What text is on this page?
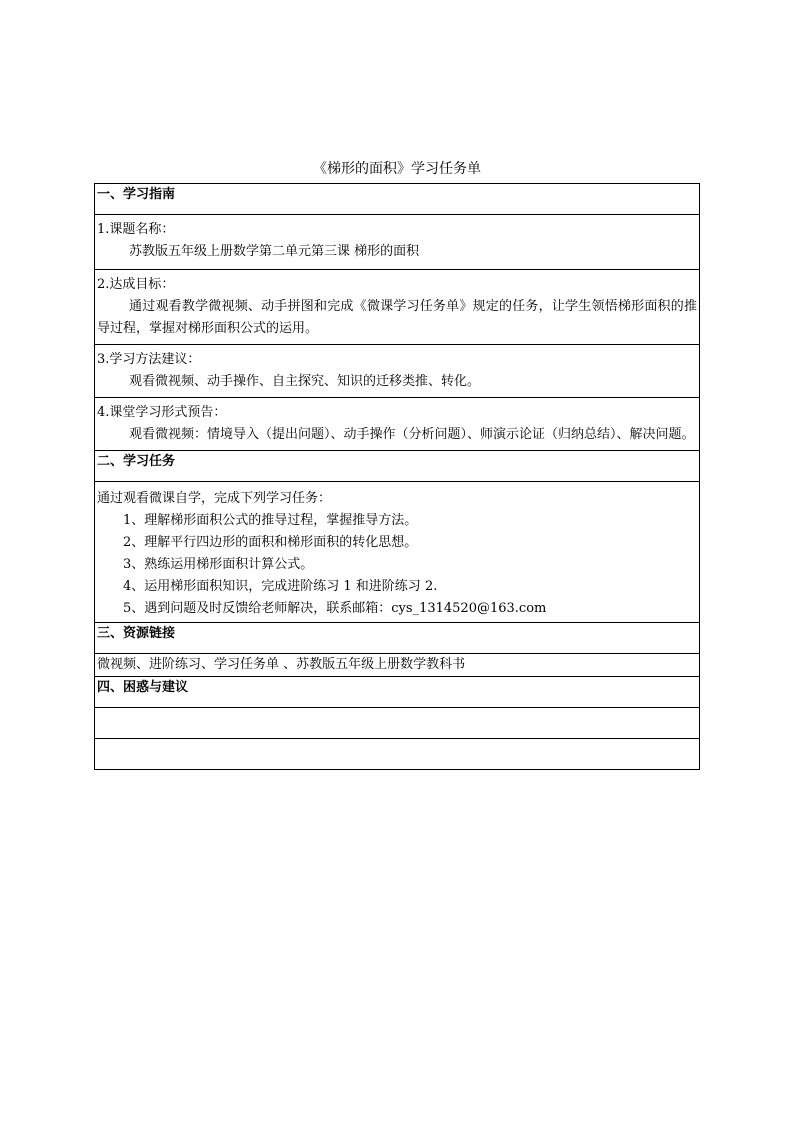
《梯形的面积》学习任务单
一、学习指南

1.课题名称：
苏教版五年级上册数学第二单元第三课 梯形的面积

2.达成目标：
通过观看教学微视频、动手拼图和完成《微课学习任务单》规定的任务，让学生领悟梯形面积的推导过程，掌握对梯形面积公式的运用。

3.学习方法建议：
观看微视频、动手操作、自主探究、知识的迁移类推、转化。

4.课堂学习形式预告：
观看微视频：情境导入（提出问题）、动手操作（分析问题）、师演示论证（归纳总结）、解决问题。

二、学习任务

通过观看微课自学，完成下列学习任务：
1、理解梯形面积公式的推导过程，掌握推导方法。
2、理解平行四边形的面积和梯形面积的转化思想。
3、熟练运用梯形面积计算公式。
4、运用梯形面积知识，完成进阶练习 1 和进阶练习 2.
5、遇到问题及时反馈给老师解决，联系邮箱：cys_1314520@163.com

三、资源链接
微视频、进阶练习、学习任务单 、苏教版五年级上册数学教科书
四、困惑与建议
